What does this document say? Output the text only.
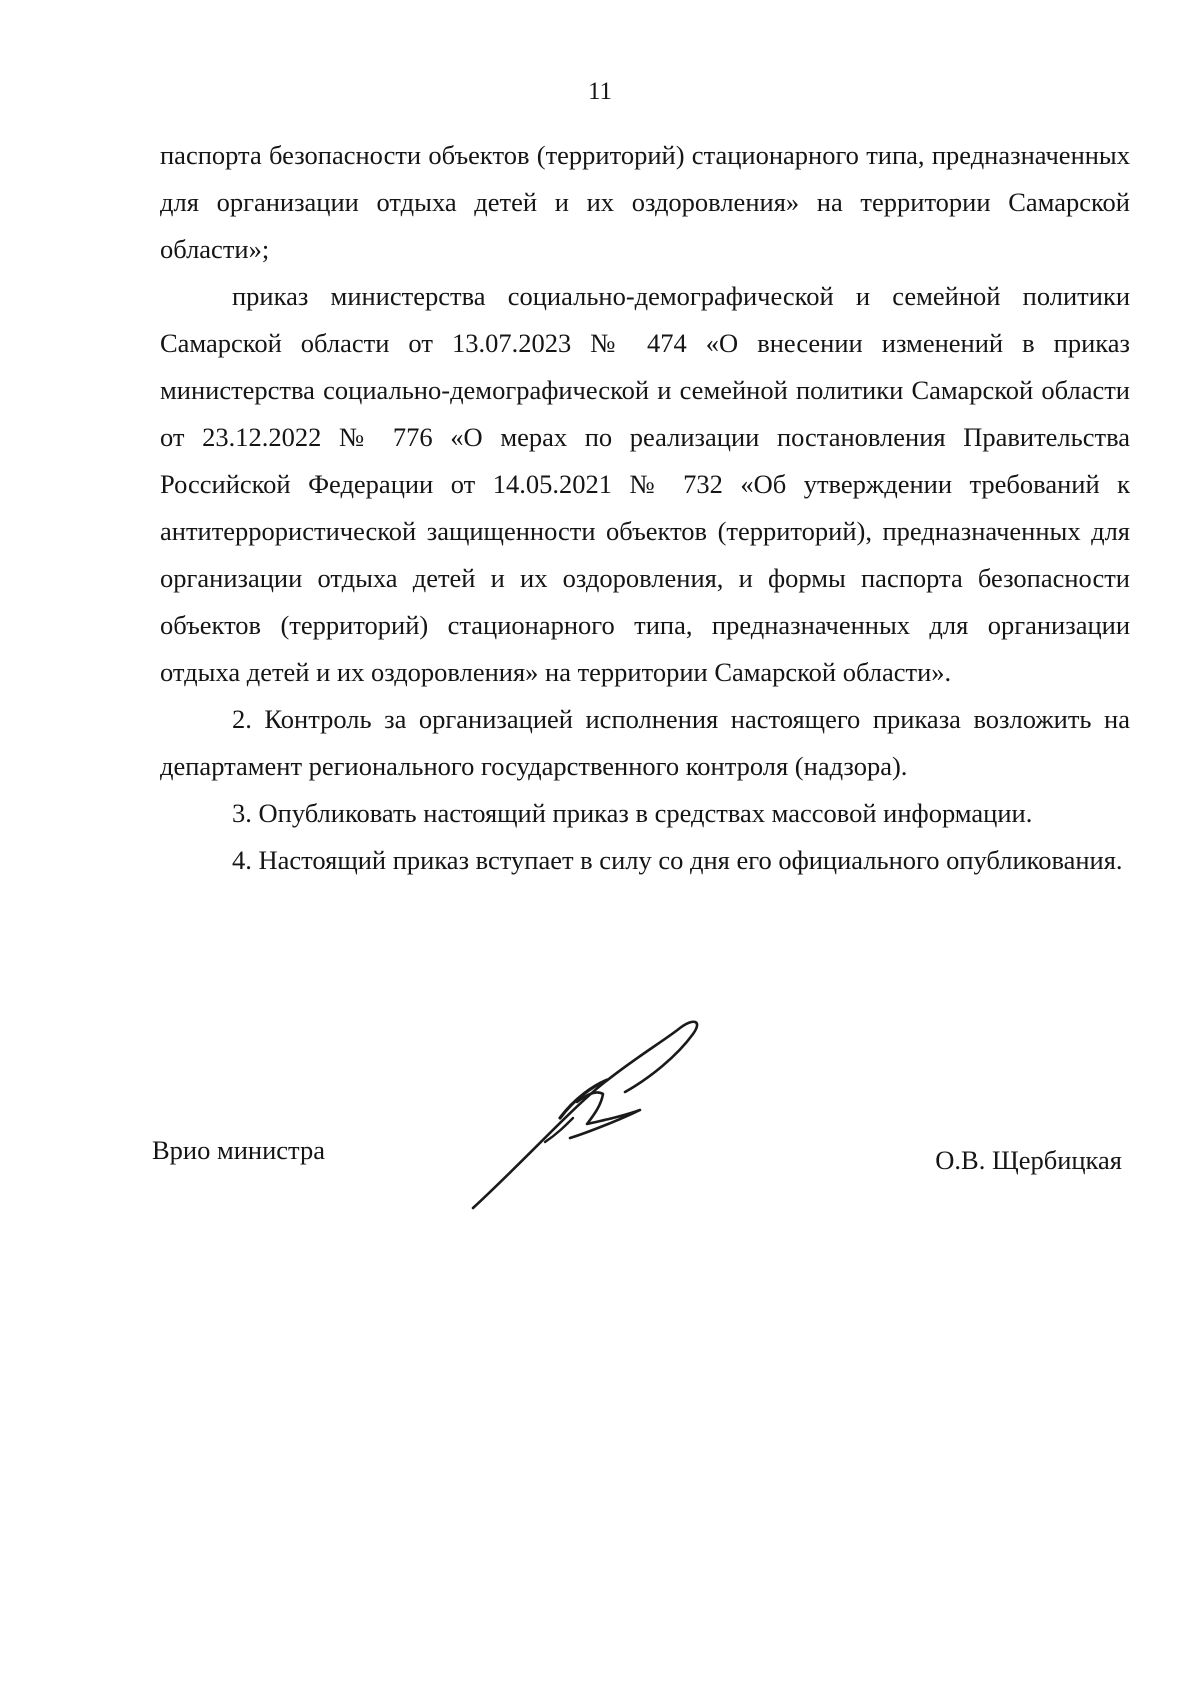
11

паспорта безопасности объектов (территорий) стационарного типа, предназначенных для организации отдыха детей и их оздоровления» на территории Самарской области»;

приказ министерства социально-демографической и семейной политики Самарской области от 13.07.2023 № 474 «О внесении изменений в приказ министерства социально-демографической и семейной политики Самарской области от 23.12.2022 № 776 «О мерах по реализации постановления Правительства Российской Федерации от 14.05.2021 № 732 «Об утверждении требований к антитеррористической защищенности объектов (территорий), предназначенных для организации отдыха детей и их оздоровления, и формы паспорта безопасности объектов (территорий) стационарного типа, предназначенных для организации отдыха детей и их оздоровления» на территории Самарской области».

2. Контроль за организацией исполнения настоящего приказа возложить на департамент регионального государственного контроля (надзора).

3. Опубликовать настоящий приказ в средствах массовой информации.

4. Настоящий приказ вступает в силу со дня его официального опубликования.

Врио министра	О.В. Щербицкая
